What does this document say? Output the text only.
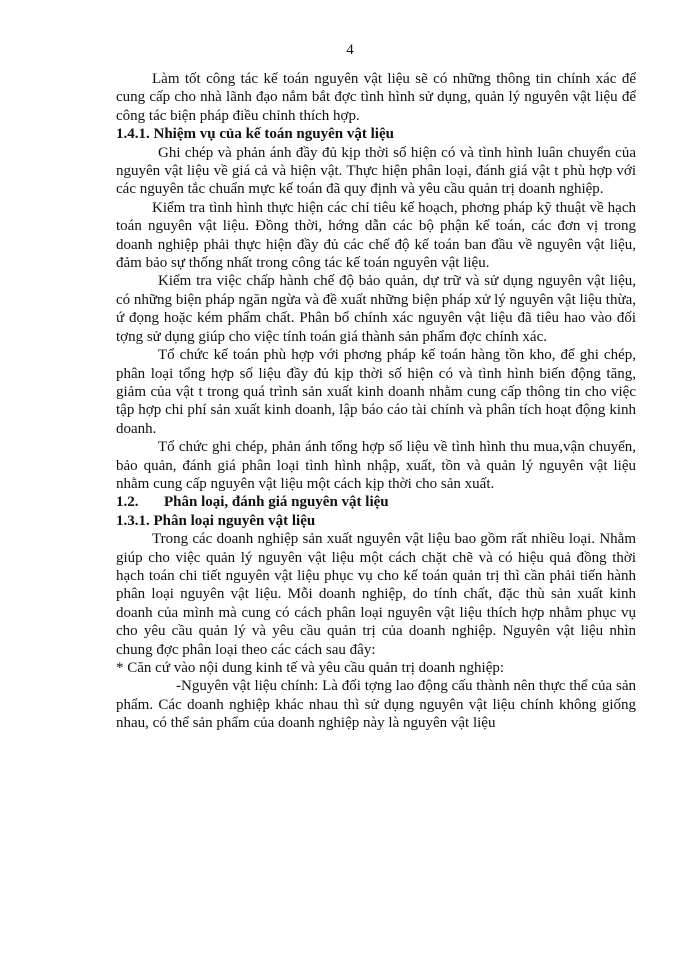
4

Làm tốt công tác kế toán nguyên vật liệu sẽ có những thông tin chính xác để cung cấp cho nhà lãnh đạo nắm bắt đợc tình hình sử dụng, quản lý nguyên vật liệu để công tác biện pháp điều chỉnh thích hợp.

1.4.1. Nhiệm vụ của kế toán nguyên vật liệu

Ghi chép và phản ánh đầy đủ kịp thời số hiện có và tình hình luân chuyển của nguyên vật liệu về giá cả và hiện vật. Thực hiện phân loại, đánh giá vật t phù hợp với các nguyên tắc chuẩn mực kế toán đã quy định và yêu cầu quản trị doanh nghiệp.

Kiểm tra tình hình thực hiện các chỉ tiêu kế hoạch, phơng pháp kỹ thuật về hạch toán nguyên vật liệu. Đồng thời, hớng dẫn các bộ phận kế toán, các đơn vị trong doanh nghiệp phải thực hiện đầy đủ các chế độ kế toán ban đầu về nguyên vật liệu, đảm bảo sự thống nhất trong công tác kế toán nguyên vật liệu.

Kiểm tra việc chấp hành chế độ bảo quản, dự trữ và sử dụng nguyên vật liệu, có những biện pháp ngăn ngừa và đề xuất những biện pháp xử lý nguyên vật liệu thừa, ứ đọng hoặc kém phẩm chất. Phân bổ chính xác nguyên vật liệu đã tiêu hao vào đối tợng sử dụng giúp cho việc tính toán giá thành sản phẩm đợc chính xác.

Tổ chức kế toán phù hợp với phơng pháp kế toán hàng tồn kho, để ghi chép, phân loại tổng hợp số liệu đầy đủ kịp thời số hiện có và tình hình biến động tăng, giảm của vật t trong quá trình sản xuất kinh doanh nhằm cung cấp thông tin cho việc tập hợp chi phí sản xuất kinh doanh, lập báo cáo tài chính và phân tích hoạt động kinh doanh.

Tổ chức ghi chép, phản ánh tổng hợp số liệu về tình hình thu mua,vận chuyển, bảo quản, đánh giá phân loại tình hình nhập, xuất, tồn và quản lý nguyên vật liệu nhằm cung cấp nguyên vật liệu một cách kịp thời cho sản xuất.

1.2. Phân loại, đánh giá nguyên vật liệu

1.3.1. Phân loại nguyên vật liệu

Trong các doanh nghiệp sản xuất nguyên vật liệu bao gồm rất nhiều loại. Nhằm giúp cho việc quản lý nguyên vật liệu một cách chặt chẽ và có hiệu quả đồng thời hạch toán chi tiết nguyên vật liệu phục vụ cho kế toán quản trị thì cần phải tiến hành phân loại nguyên vật liệu. Mỗi doanh nghiệp, do tính chất, đặc thù sản xuất kinh doanh của mình mà cung có cách phân loại nguyên vật liệu thích hợp nhằm phục vụ cho yêu cầu quản lý và yêu cầu quản trị của doanh nghiệp. Nguyên vật liệu nhìn chung đợc phân loại theo các cách sau đây:

* Căn cứ vào nội dung kinh tế và yêu cầu quản trị doanh nghiệp:

-Nguyên vật liệu chính: Là đối tợng lao động cấu thành nên thực thể của sản phẩm. Các doanh nghiệp khác nhau thì sử dụng nguyên vật liệu chính không giống nhau, có thể sản phẩm của doanh nghiệp này là nguyên vật liệu
